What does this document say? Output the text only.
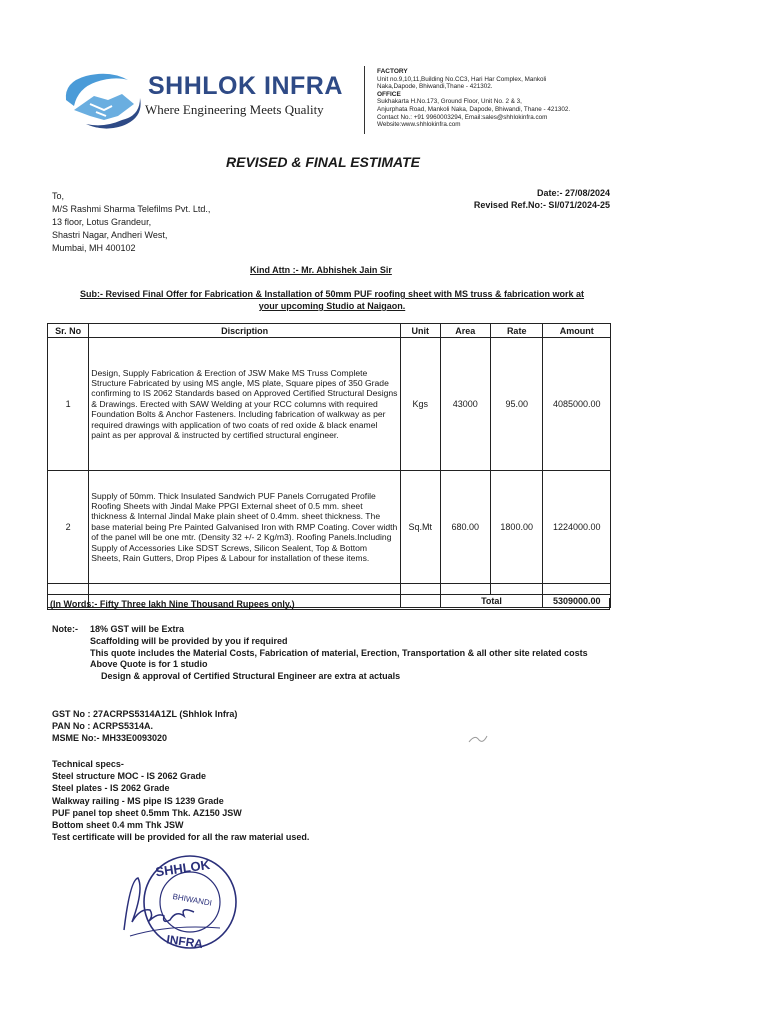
SHHLOK INFRA
Where Engineering Meets Quality
FACTORY
Unit no.9,10,11,Building No.CC3, Hari Har Complex, Mankoli
Naka,Dapode, Bhiwandi,Thane - 421302.
OFFICE
Sukhakarta H.No.173, Ground Floor, Unit No. 2 & 3,
Anjurphata Road, Mankoli Naka, Dapode, Bhiwandi, Thane - 421302.
Contact No.: +91 9960003294, Email:sales@shhlokinfra.com
Website:www.shhlokinfra.com
REVISED & FINAL ESTIMATE
To,
M/S Rashmi Sharma Telefilms Pvt. Ltd.,
13 floor, Lotus Grandeur,
Shastri Nagar, Andheri West,
Mumbai, MH 400102
Date:- 27/08/2024
Revised Ref.No:- SI/071/2024-25
Kind Attn :- Mr. Abhishek Jain Sir
Sub:- Revised Final Offer for Fabrication & Installation of 50mm PUF roofing sheet with MS truss & fabrication work at
your upcoming Studio at Naigaon.
Sr. No	Discription	Unit	Area	Rate	Amount
1	Design, Supply Fabrication & Erection of JSW Make MS Truss Complete Structure Fabricated by using MS angle, MS plate, Square pipes of 350 Grade confirming to IS 2062 Standards based on Approved Certified Structural Designs & Drawings. Erected with SAW Welding at your RCC columns with required Foundation Bolts & Anchor Fasteners. Including fabrication of walkway as per required drawings with application of two coats of red oxide & black enamel paint as per approval & instructed by certified structural engineer.	Kgs	43000	95.00	4085000.00
2	Supply of 50mm. Thick Insulated Sandwich PUF Panels Corrugated Profile Roofing Sheets with Jindal Make PPGI External sheet of 0.5 mm. sheet thickness & Internal Jindal Make plain sheet of 0.4mm. sheet thickness. The base material being Pre Painted Galvanised Iron with RMP Coating. Cover width of the panel will be one mtr. (Density 32 +/- 2 Kg/m3). Roofing Panels.Including Supply of Accessories Like SDST Screws, Silicon Sealent, Top & Bottom Sheets, Rain Gutters, Drop Pipes & Labour for installation of these items.	Sq.Mt	680.00	1800.00	1224000.00

			Total		5309000.00
(In Words:- Fifty Three lakh Nine Thousand Rupees only.)
Note:- 18% GST will be Extra
Scaffolding will be provided by you if required
This quote includes the Material Costs, Fabrication of material, Erection, Transportation & all other site related costs
Above Quote is for 1 studio
Design & approval of Certified Structural Engineer are extra at actuals
GST No : 27ACRPS5314A1ZL (Shhlok Infra)
PAN No : ACRPS5314A.
MSME No:- MH33E0093020
Technical specs-
Steel structure MOC - IS 2062 Grade
Steel plates - IS 2062 Grade
Walkway railing - MS pipe IS 1239 Grade
PUF panel top sheet 0.5mm Thk. AZ150 JSW
Bottom sheet 0.4 mm Thk JSW
Test certificate will be provided for all the raw material used.
SHHLOK
BHIWANDI
INFRA
